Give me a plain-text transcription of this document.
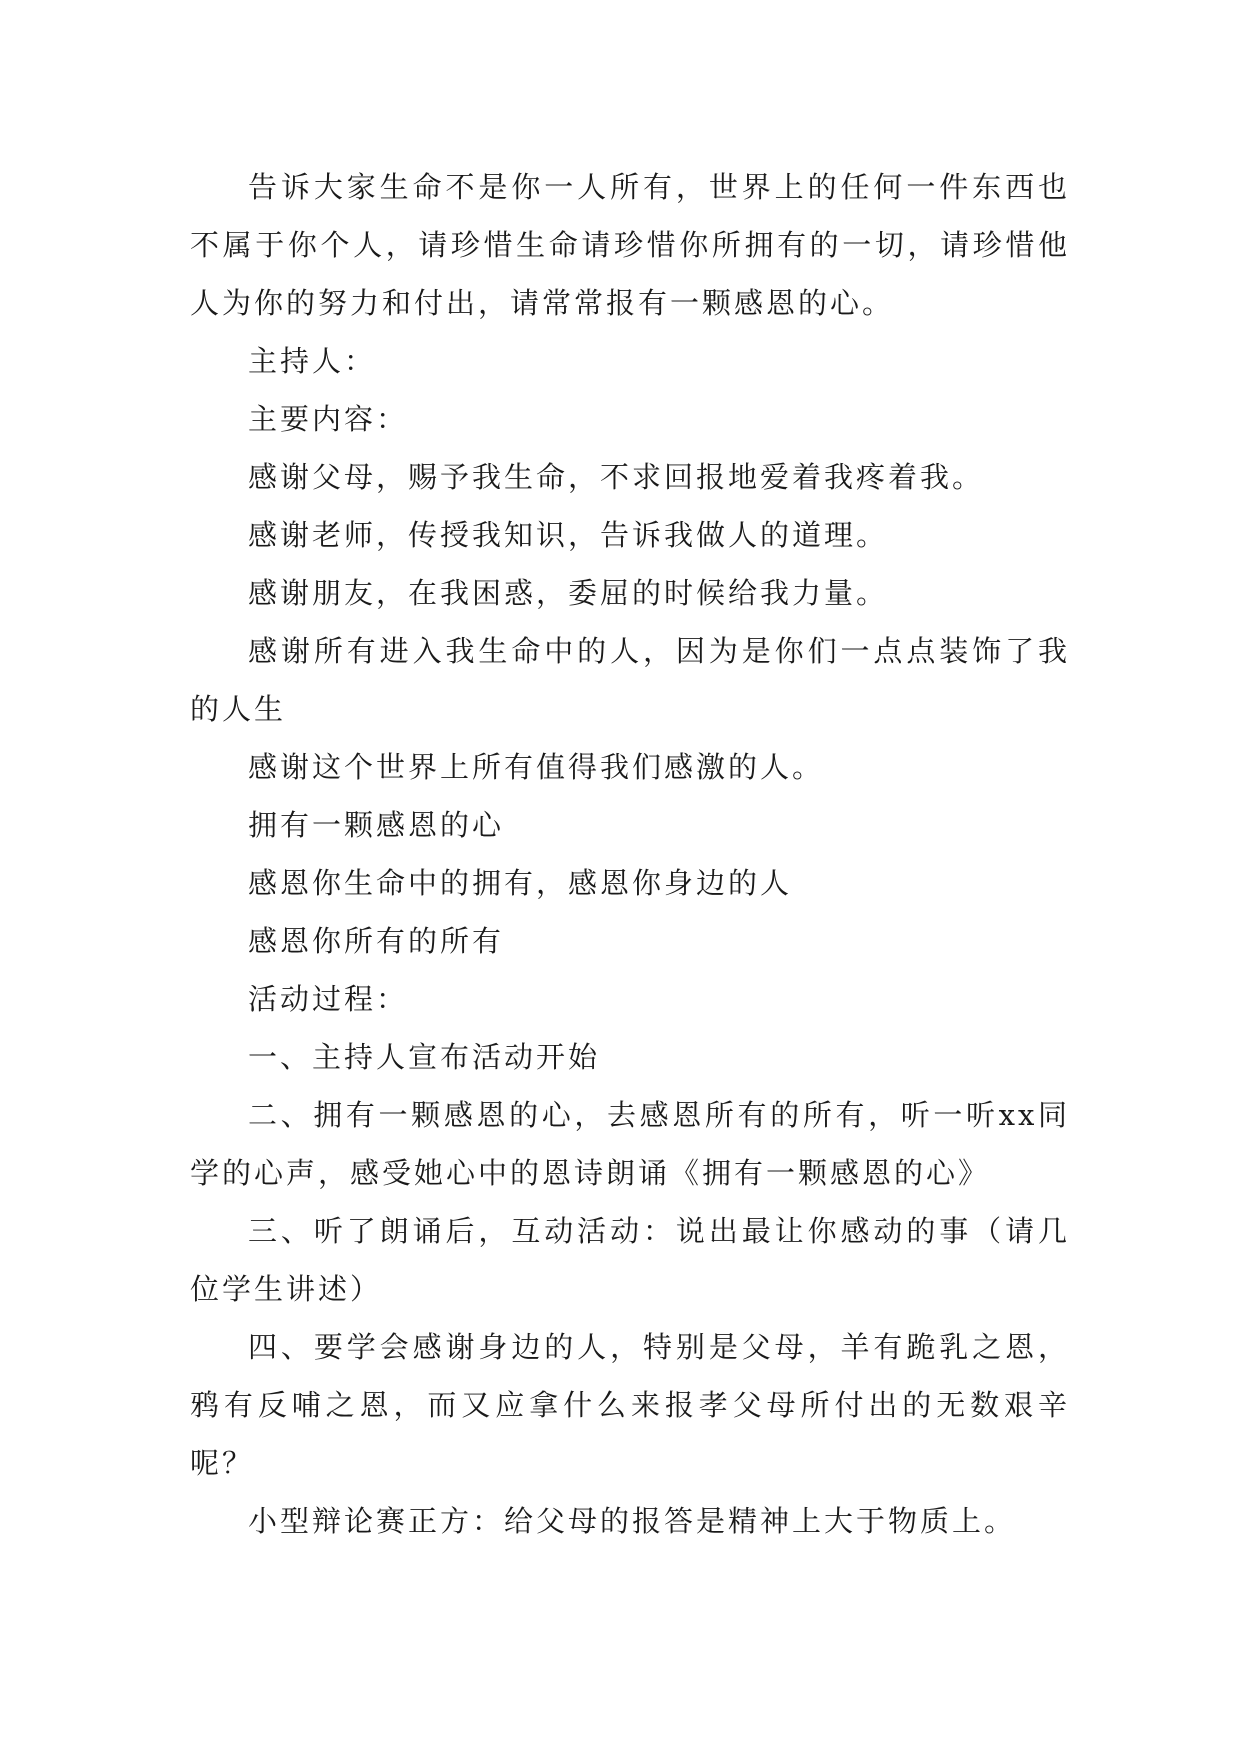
告诉大家生命不是你一人所有，世界上的任何一件东西也不属于你个人，请珍惜生命请珍惜你所拥有的一切，请珍惜他人为你的努力和付出，请常常报有一颗感恩的心。

主持人：

主要内容：

感谢父母，赐予我生命，不求回报地爱着我疼着我。

感谢老师，传授我知识，告诉我做人的道理。

感谢朋友，在我困惑，委屈的时候给我力量。

感谢所有进入我生命中的人，因为是你们一点点装饰了我的人生

感谢这个世界上所有值得我们感激的人。

拥有一颗感恩的心

感恩你生命中的拥有，感恩你身边的人

感恩你所有的所有

活动过程：

一、主持人宣布活动开始

二、拥有一颗感恩的心，去感恩所有的所有，听一听xx同学的心声，感受她心中的恩诗朗诵《拥有一颗感恩的心》

三、听了朗诵后，互动活动：说出最让你感动的事（请几位学生讲述）

四、要学会感谢身边的人，特别是父母，羊有跪乳之恩，鸦有反哺之恩，而又应拿什么来报孝父母所付出的无数艰辛呢？

小型辩论赛正方：给父母的报答是精神上大于物质上。
